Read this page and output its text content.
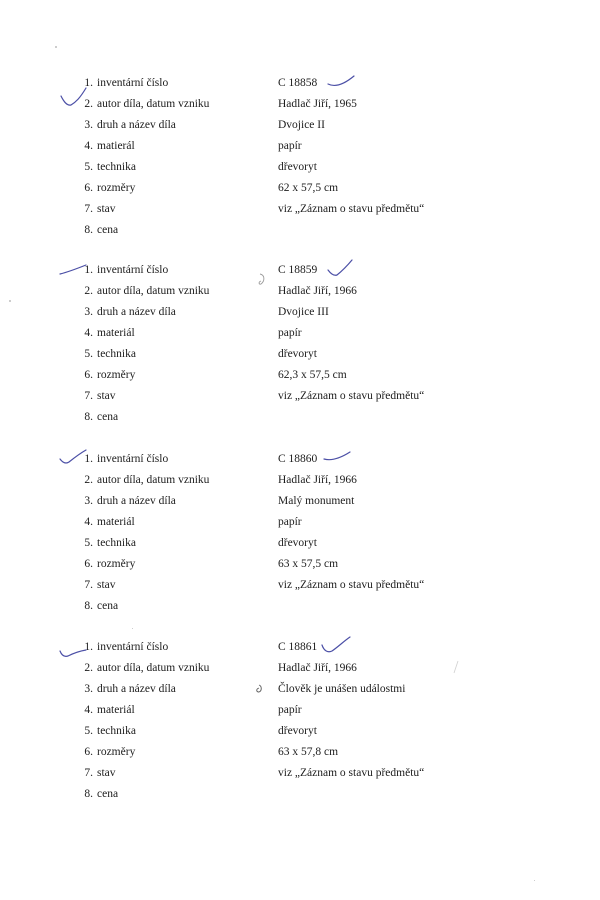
1. inventární číslo	C 18858
2. autor díla, datum vzniku	Hadlač Jiří, 1965
3. druh a název díla	Dvojice II
4. matierál	papír
5. technika	dřevoryt
6. rozměry	62 x 57,5 cm
7. stav	viz „Záznam o stavu předmětu“
8. cena
1. inventární číslo	C 18859
2. autor díla, datum vzniku	Hadlač Jiří, 1966
3. druh a název díla	Dvojice III
4. materiál	papír
5. technika	dřevoryt
6. rozměry	62,3 x 57,5 cm
7. stav	viz „Záznam o stavu předmětu“
8. cena
1. inventární číslo	C 18860
2. autor díla, datum vzniku	Hadlač Jiří, 1966
3. druh a název díla	Malý monument
4. materiál	papír
5. technika	dřevoryt
6. rozměry	63 x 57,5 cm
7. stav	viz „Záznam o stavu předmětu“
8. cena
1. inventární číslo	C 18861
2. autor díla, datum vzniku	Hadlač Jiří, 1966
3. druh a název díla	Člověk je unášen událostmi
4. materiál	papír
5. technika	dřevoryt
6. rozměry	63 x 57,8 cm
7. stav	viz „Záznam o stavu předmětu“
8. cena
